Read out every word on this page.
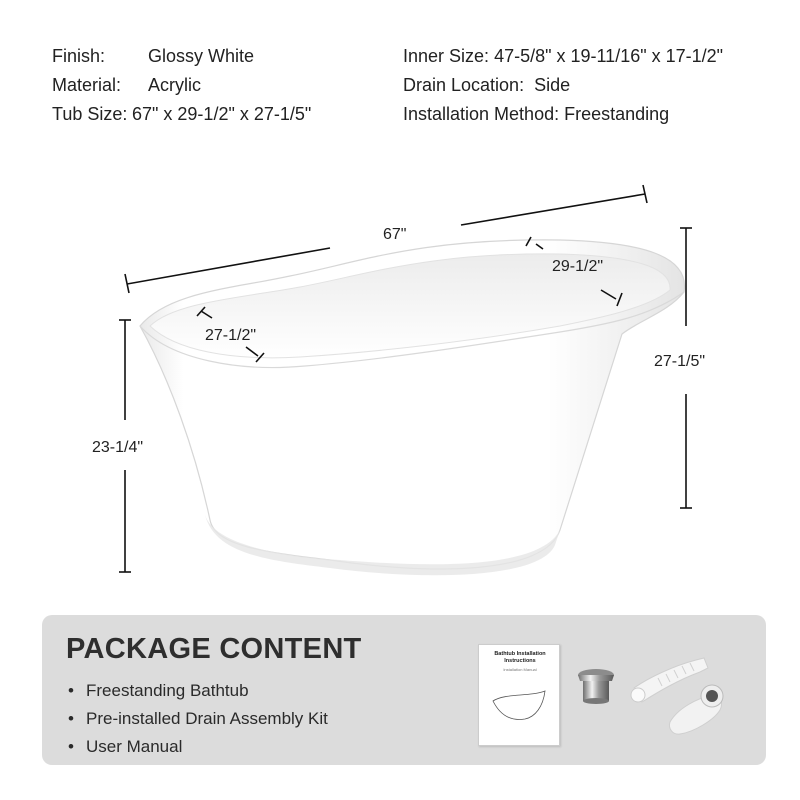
Finish: Glossy White
Material: Acrylic
Tub Size: 67" x 29-1/2" x 27-1/5"
Inner Size: 47-5/8" x 19-11/16" x 17-1/2"
Drain Location: Side
Installation Method: Freestanding
67"
29-1/2"
27-1/2"
27-1/5"
23-1/4"
PACKAGE CONTENT
• Freestanding Bathtub
• Pre-installed Drain Assembly Kit
• User Manual
Bathtub Installation Instructions
Installation Manual
